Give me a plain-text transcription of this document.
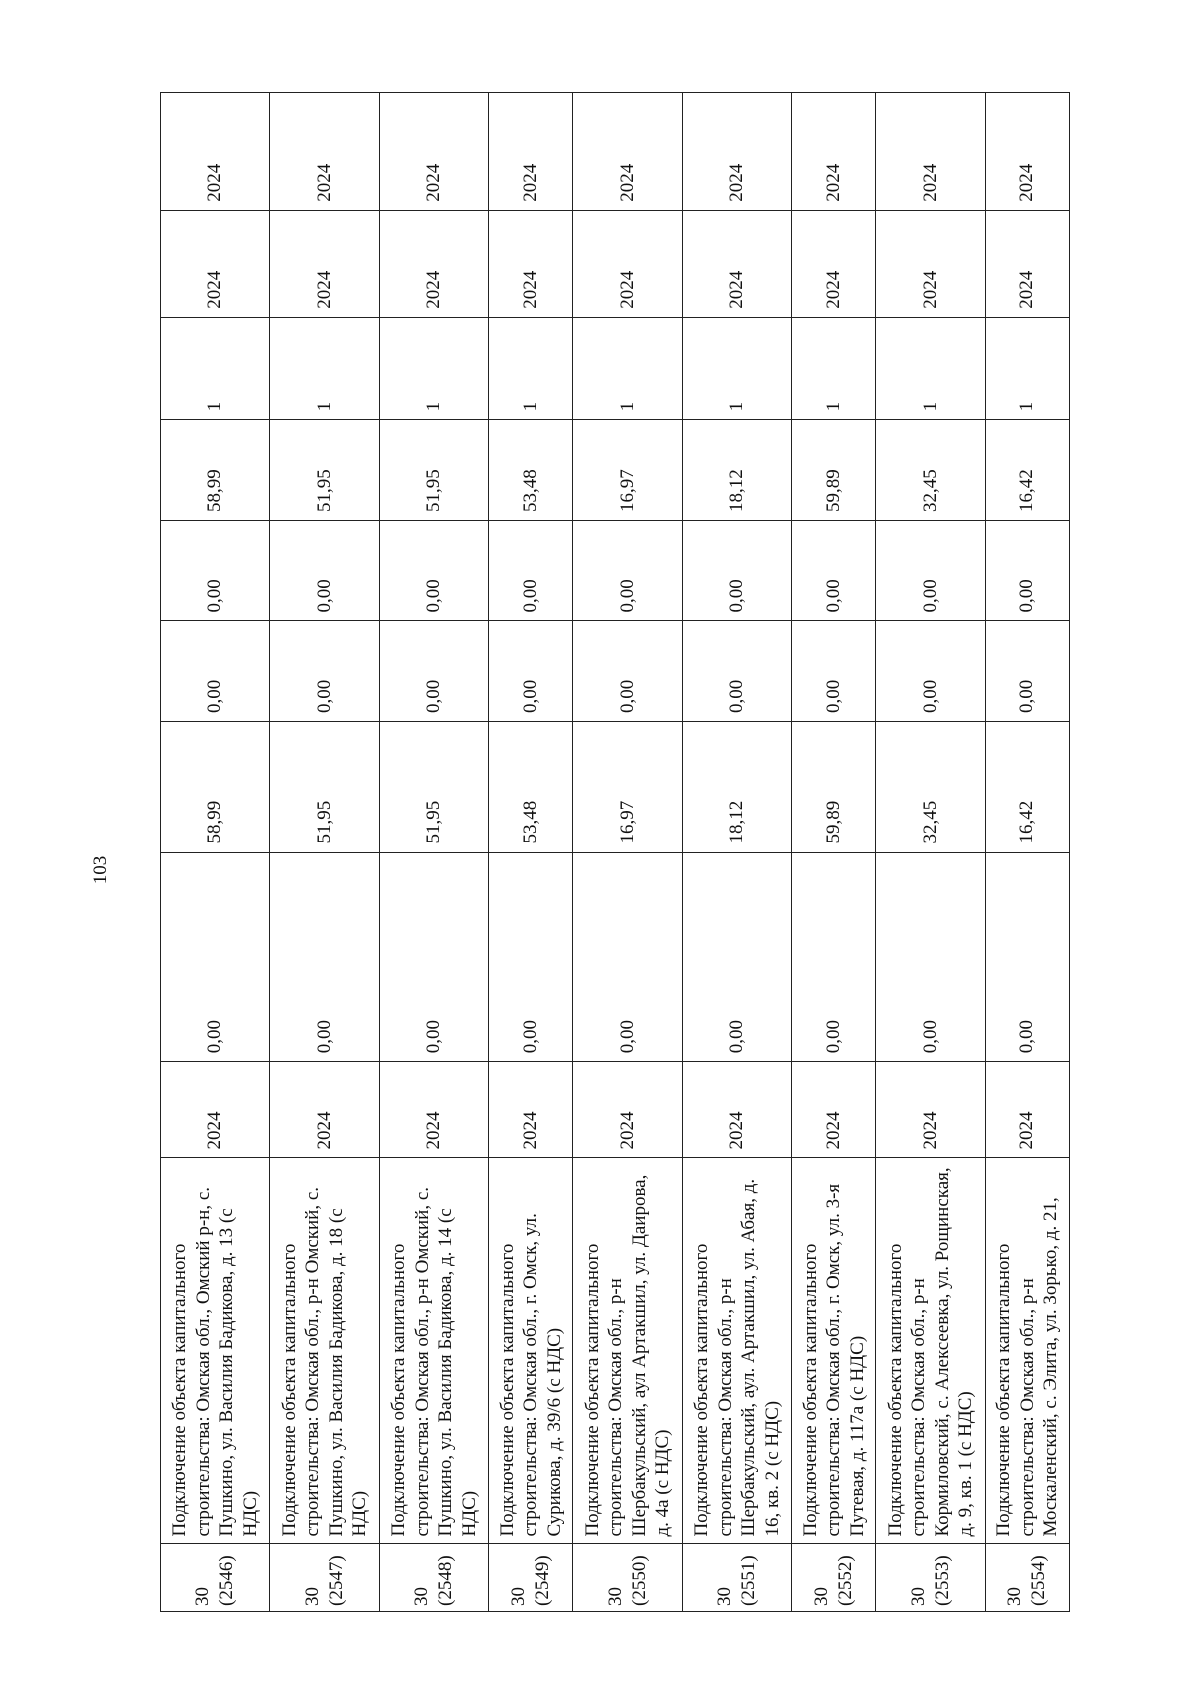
103
30 (2546)	Подключение объекта капитального строительства: Омская обл., Омский р-н, с. Пушкино, ул. Василия Бадикова, д. 13 (с НДС)	2024	0,00	58,99	0,00	0,00	58,99	1	2024	2024
30 (2547)	Подключение объекта капитального строительства: Омская обл., р-н Омский, с. Пушкино, ул. Василия Бадикова, д. 18 (с НДС)	2024	0,00	51,95	0,00	0,00	51,95	1	2024	2024
30 (2548)	Подключение объекта капитального строительства: Омская обл., р-н Омский, с. Пушкино, ул. Василия Бадикова, д. 14 (с НДС)	2024	0,00	51,95	0,00	0,00	51,95	1	2024	2024
30 (2549)	Подключение объекта капитального строительства: Омская обл., г. Омск, ул. Сурикова, д. 39/6 (с НДС)	2024	0,00	53,48	0,00	0,00	53,48	1	2024	2024
30 (2550)	Подключение объекта капитального строительства: Омская обл., р-н Шербакульский, аул Артакшил, ул. Даирова, д. 4а (с НДС)	2024	0,00	16,97	0,00	0,00	16,97	1	2024	2024
30 (2551)	Подключение объекта капитального строительства: Омская обл., р-н Шербакульский, аул. Артакшил, ул. Абая, д. 16, кв. 2 (с НДС)	2024	0,00	18,12	0,00	0,00	18,12	1	2024	2024
30 (2552)	Подключение объекта капитального строительства: Омская обл., г. Омск, ул. 3-я Путевая, д. 117а (с НДС)	2024	0,00	59,89	0,00	0,00	59,89	1	2024	2024
30 (2553)	Подключение объекта капитального строительства: Омская обл., р-н Кормиловский, с. Алексеевка, ул. Рощинская, д. 9, кв. 1 (с НДС)	2024	0,00	32,45	0,00	0,00	32,45	1	2024	2024
30 (2554)	Подключение объекта капитального строительства: Омская обл., р-н Москаленский, с. Элита, ул. Зорько, д. 21,	2024	0,00	16,42	0,00	0,00	16,42	1	2024	2024
